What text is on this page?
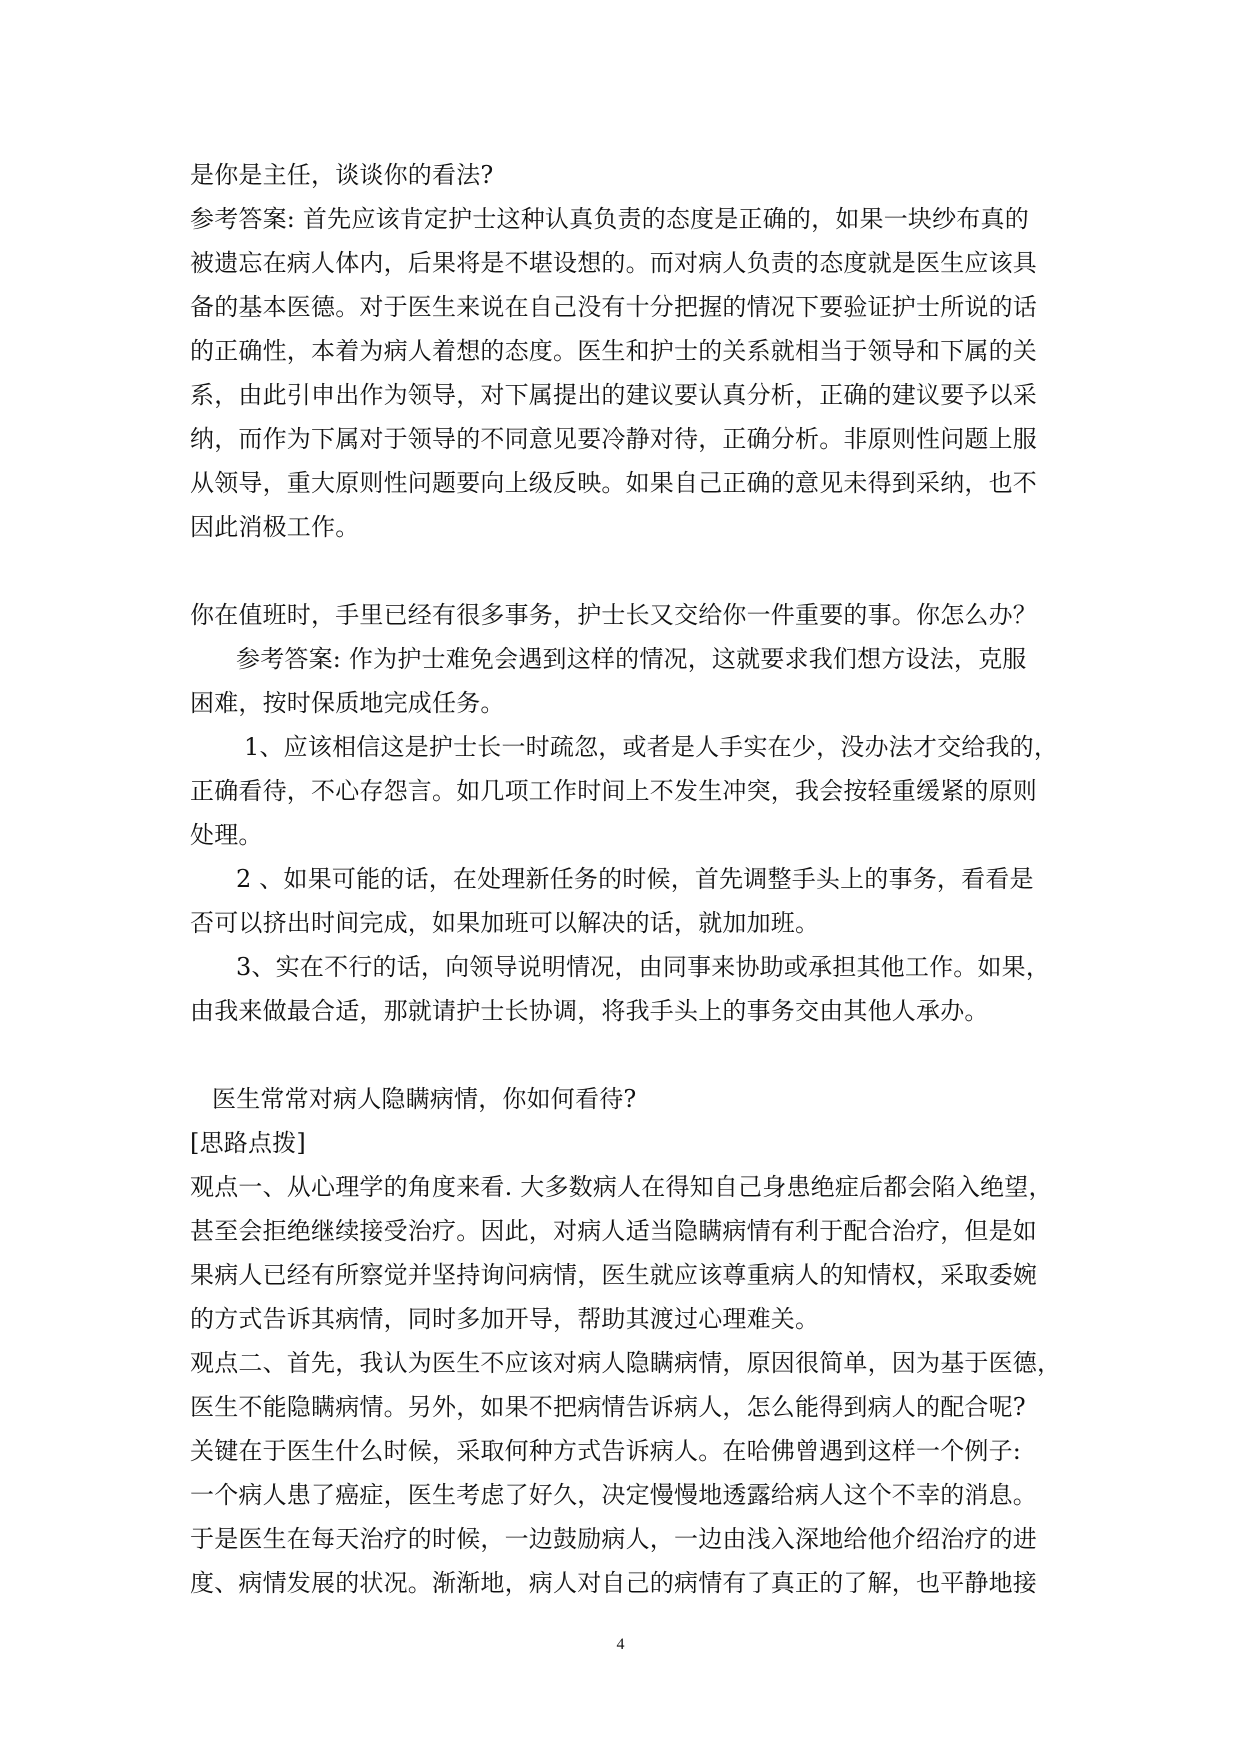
是你是主任，谈谈你的看法?
参考答案: 首先应该肯定护士这种认真负责的态度是正确的，如果一块纱布真的
被遗忘在病人体内，后果将是不堪设想的。而对病人负责的态度就是医生应该具
备的基本医德。对于医生来说在自己没有十分把握的情况下要验证护士所说的话
的正确性，本着为病人着想的态度。医生和护士的关系就相当于领导和下属的关
系，由此引申出作为领导，对下属提出的建议要认真分析，正确的建议要予以采
纳，而作为下属对于领导的不同意见要冷静对待，正确分析。非原则性问题上服
从领导，重大原则性问题要向上级反映。如果自己正确的意见未得到采纳，也不
因此消极工作。
你在值班时，手里已经有很多事务，护士长又交给你一件重要的事。你怎么办？
参考答案: 作为护士难免会遇到这样的情况，这就要求我们想方设法，克服
困难，按时保质地完成任务。
1、应该相信这是护士长一时疏忽，或者是人手实在少，没办法才交给我的，
正确看待，不心存怨言。如几项工作时间上不发生冲突，我会按轻重缓紧的原则
处理。
2 、如果可能的话，在处理新任务的时候，首先调整手头上的事务，看看是
否可以挤出时间完成，如果加班可以解决的话，就加加班。
3、实在不行的话，向领导说明情况，由同事来协助或承担其他工作。如果，
由我来做最合适，那就请护士长协调，将我手头上的事务交由其他人承办。
医生常常对病人隐瞒病情，你如何看待?
[思路点拨]
观点一、从心理学的角度来看. 大多数病人在得知自己身患绝症后都会陷入绝望，
甚至会拒绝继续接受治疗。因此，对病人适当隐瞒病情有利于配合治疗，但是如
果病人已经有所察觉并坚持询问病情，医生就应该尊重病人的知情权，采取委婉
的方式告诉其病情，同时多加开导，帮助其渡过心理难关。
观点二、首先，我认为医生不应该对病人隐瞒病情，原因很简单，因为基于医德，
医生不能隐瞒病情。另外，如果不把病情告诉病人，怎么能得到病人的配合呢?
关键在于医生什么时候，采取何种方式告诉病人。在哈佛曾遇到这样一个例子:
一个病人患了癌症，医生考虑了好久，决定慢慢地透露给病人这个不幸的消息。
于是医生在每天治疗的时候，一边鼓励病人，一边由浅入深地给他介绍治疗的进
度、病情发展的状况。渐渐地，病人对自己的病情有了真正的了解，也平静地接
4
